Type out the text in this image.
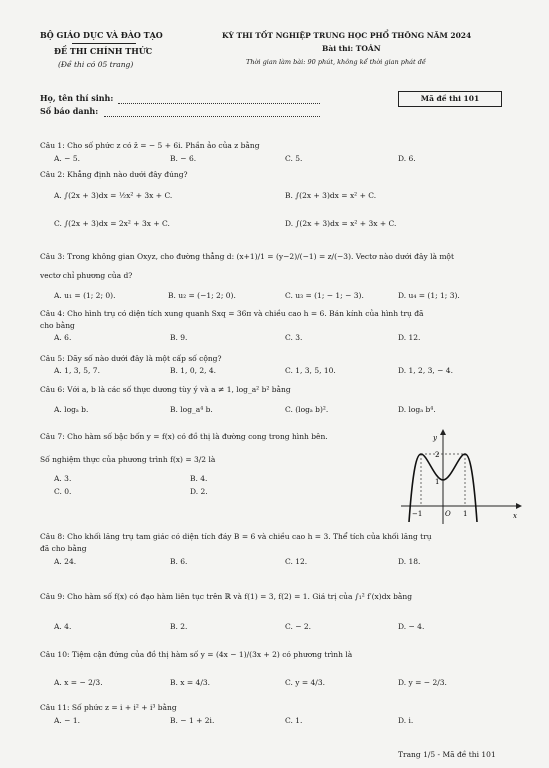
BỘ GIÁO DỤC VÀ ĐÀO TẠO
ĐỀ THI CHÍNH THỨC
(Đề thi có 05 trang)
KỲ THI TỐT NGHIỆP TRUNG HỌC PHỔ THÔNG NĂM 2024
Bài thi: TOÁN
Thời gian làm bài: 90 phút, không kể thời gian phát đề
Họ, tên thí sinh:
Số báo danh:
Mã đề thi 101
Câu 1: Cho số phức z có z̄ = − 5 + 6i. Phần ảo của z bằng
A. − 5.	B. − 6.	C. 5.	D. 6.
Câu 2: Khẳng định nào dưới đây đúng?
A. ∫(2x + 3)dx = ½x² + 3x + C.	B. ∫(2x + 3)dx = x² + C.
C. ∫(2x + 3)dx = 2x² + 3x + C.	D. ∫(2x + 3)dx = x² + 3x + C.
Câu 3: Trong không gian Oxyz, cho đường thẳng d: (x+1)/1 = (y−2)/(−1) = z/(−3). Vectơ nào dưới đây là một
vectơ chỉ phương của d?
A. u₁ = (1; 2; 0).	B. u₂ = (−1; 2; 0).	C. u₃ = (1; − 1; − 3).	D. u₄ = (1; 1; 3).
Câu 4: Cho hình trụ có diện tích xung quanh Sxq = 36π và chiều cao h = 6. Bán kính của hình trụ đã
cho bằng
A. 6.	B. 9.	C. 3.	D. 12.
Câu 5: Dãy số nào dưới đây là một cấp số cộng?
A. 1, 3, 5, 7.	B. 1, 0, 2, 4.	C. 1, 3, 5, 10.	D. 1, 2, 3, − 4.
Câu 6: Với a, b là các số thực dương tùy ý và a ≠ 1, log_a² b² bằng
A. logₐ b.	B. log_a⁴ b.	C. (logₐ b)².	D. logₐ b⁴.
Câu 7: Cho hàm số bậc bốn y = f(x) có đồ thị là đường cong trong hình bên.
Số nghiệm thực của phương trình f(x) = 3/2 là
A. 3.	B. 4.
C. 0.	D. 2.
y
x
O
2
1
−1	1
Câu 8: Cho khối lăng trụ tam giác có diện tích đáy B = 6 và chiều cao h = 3. Thể tích của khối lăng trụ
đã cho bằng
A. 24.	B. 6.	C. 12.	D. 18.
Câu 9: Cho hàm số f(x) có đạo hàm liên tục trên ℝ và f(1) = 3, f(2) = 1. Giá trị của ∫₁² f′(x)dx bằng
A. 4.	B. 2.	C. − 2.	D. − 4.
Câu 10: Tiệm cận đứng của đồ thị hàm số y = (4x − 1)/(3x + 2) có phương trình là
A. x = − 2/3.	B. x = 4/3.	C. y = 4/3.	D. y = − 2/3.
Câu 11: Số phức z = i + i² + i³ bằng
A. − 1.	B. − 1 + 2i.	C. 1.	D. i.
Trang 1/5 - Mã đề thi 101
